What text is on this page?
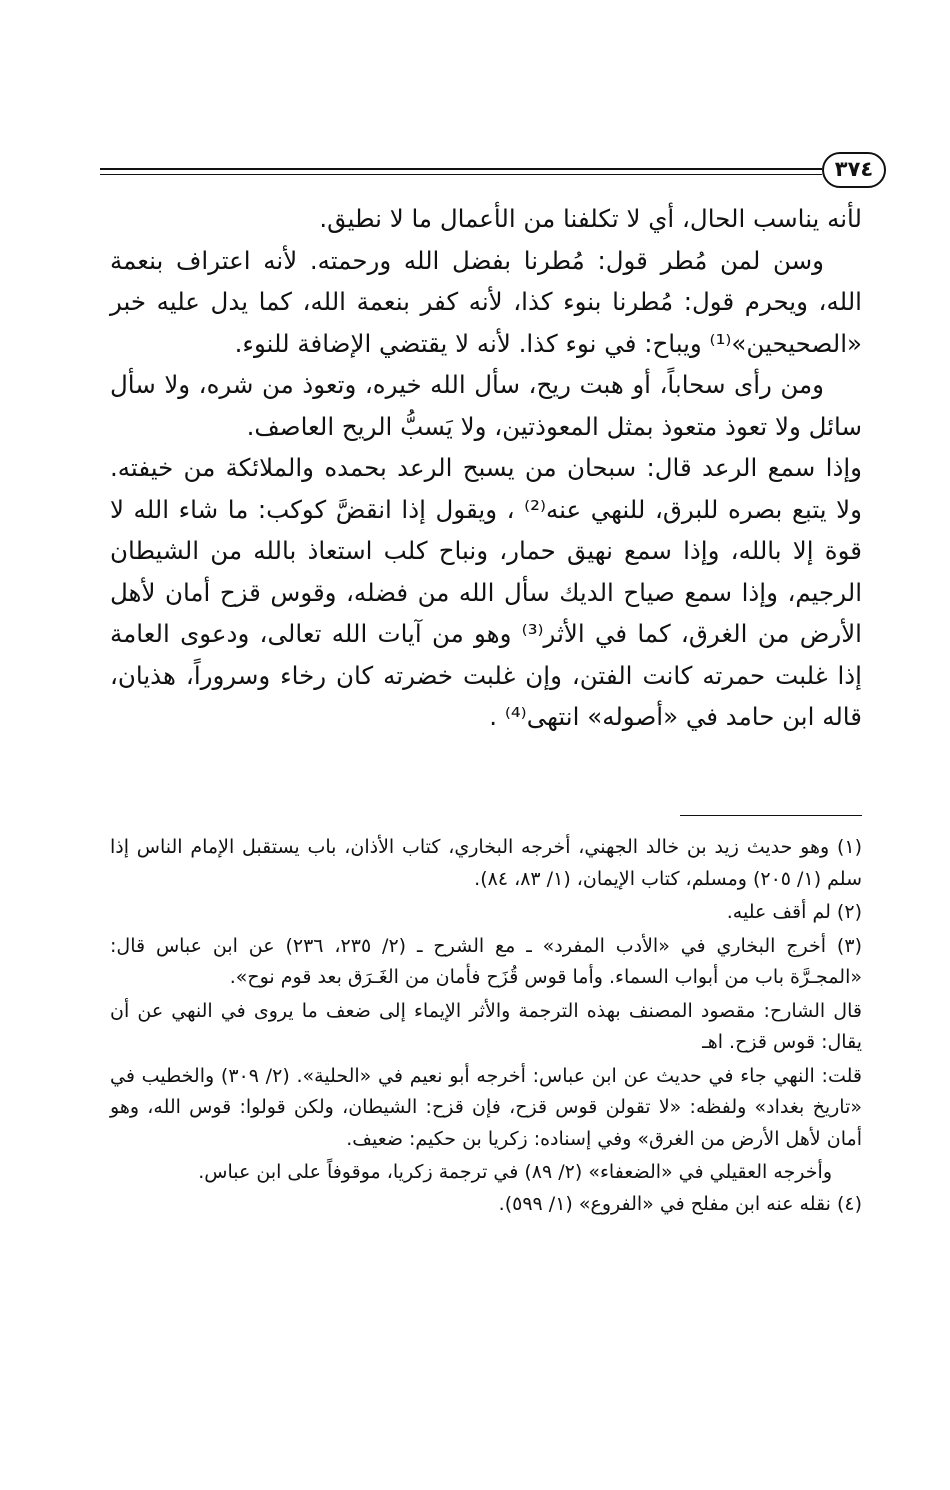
٣٧٤

لأنه يناسب الحال، أي لا تكلفنا من الأعمال ما لا نطيق.

وسن لمن مُطر قول: مُطرنا بفضل الله ورحمته. لأنه اعتراف بنعمة الله، ويحرم قول: مُطرنا بنوء كذا، لأنه كفر بنعمة الله، كما يدل عليه خبر «الصحيحين»⁽¹⁾ ويباح: في نوء كذا. لأنه لا يقتضي الإضافة للنوء.

ومن رأى سحاباً، أو هبت ريح، سأل الله خيره، وتعوذ من شره، ولا سأل سائل ولا تعوذ متعوذ بمثل المعوذتين، ولا يَسبُّ الريح العاصف.

وإذا سمع الرعد قال: سبحان من يسبح الرعد بحمده والملائكة من خيفته. ولا يتبع بصره للبرق، للنهي عنه⁽²⁾ ، ويقول إذا انقضَّ كوكب: ما شاء الله لا قوة إلا بالله، وإذا سمع نهيق حمار، ونباح كلب استعاذ بالله من الشيطان الرجيم، وإذا سمع صياح الديك سأل الله من فضله، وقوس قزح أمان لأهل الأرض من الغرق، كما في الأثر⁽³⁾ وهو من آيات الله تعالى، ودعوى العامة إذا غلبت حمرته كانت الفتن، وإن غلبت خضرته كان رخاء وسروراً، هذيان، قاله ابن حامد في «أصوله» انتهى⁽⁴⁾ .

(١) وهو حديث زيد بن خالد الجهني، أخرجه البخاري، كتاب الأذان، باب يستقبل الإمام الناس إذا سلم (١/ ٢٠٥) ومسلم، كتاب الإيمان، (١/ ٨٣، ٨٤).

(٢) لم أقف عليه.

(٣) أخرج البخاري في «الأدب المفرد» ـ مع الشرح ـ (٢/ ٢٣٥، ٢٣٦) عن ابن عباس قال: «المجـرَّة باب من أبواب السماء. وأما قوس قُزَح فأمان من الغَـرَق بعد قوم نوح».

قال الشارح: مقصود المصنف بهذه الترجمة والأثر الإيماء إلى ضعف ما يروى في النهي عن أن يقال: قوس قزح. اهـ

قلت: النهي جاء في حديث عن ابن عباس: أخرجه أبو نعيم في «الحلية». (٢/ ٣٠٩) والخطيب في «تاريخ بغداد» ولفظه: «لا تقولن قوس قزح، فإن قزح: الشيطان، ولكن قولوا: قوس الله، وهو أمان لأهل الأرض من الغرق» وفي إسناده: زكريا بن حكيم: ضعيف.

وأخرجه العقيلي في «الضعفاء» (٢/ ٨٩) في ترجمة زكريا، موقوفاً على ابن عباس.

(٤) نقله عنه ابن مفلح في «الفروع» (١/ ٥٩٩).
